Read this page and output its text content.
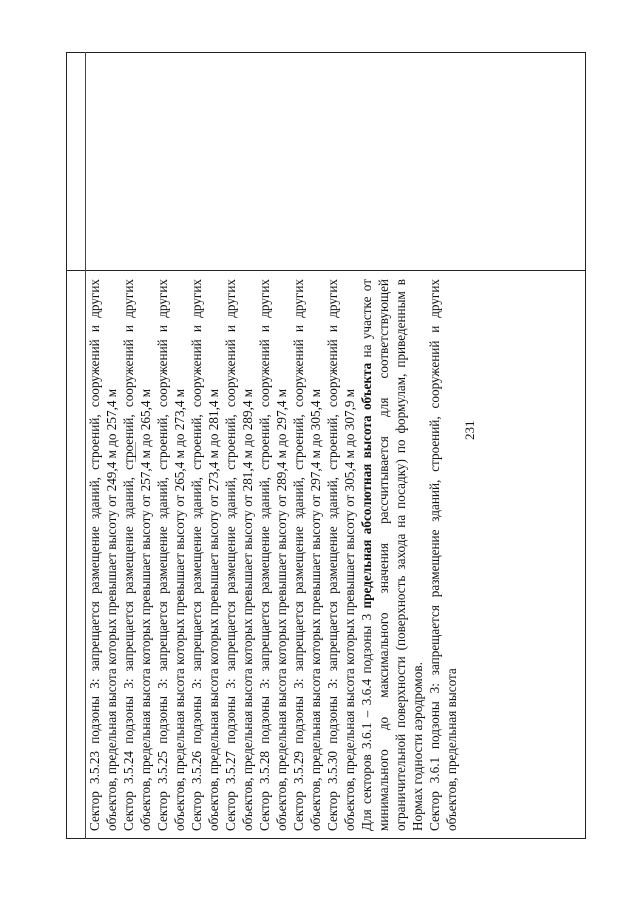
231

Сектор 3.5.23 подзоны 3: запрещается размещение зданий, строений, сооружений и других объектов, предельная высота которых превышает высоту от 249,4 м до 257,4 м Сектор 3.5.24 подзоны 3: запрещается размещение зданий, строений, сооружений и других объектов, предельная высота которых превышает высоту от 257,4 м до 265,4 м Сектор 3.5.25 подзоны 3: запрещается размещение зданий, строений, сооружений и других объектов, предельная высота которых превышает высоту от 265,4 м до 273,4 м Сектор 3.5.26 подзоны 3: запрещается размещение зданий, строений, сооружений и других объектов, предельная высота которых превышает высоту от 273,4 м до 281,4 м Сектор 3.5.27 подзоны 3: запрещается размещение зданий, строений, сооружений и других объектов, предельная высота которых превышает высоту от 281,4 м до 289,4 м Сектор 3.5.28 подзоны 3: запрещается размещение зданий, строений, сооружений и других объектов, предельная высота которых превышает высоту от 289,4 м до 297,4 м Сектор 3.5.29 подзоны 3: запрещается размещение зданий, строений, сооружений и других объектов, предельная высота которых превышает высоту от 297,4 м до 305,4 м Сектор 3.5.30 подзоны 3: запрещается размещение зданий, строений, сооружений и других объектов, предельная высота которых превышает высоту от 305,4 м до 307,9 м Для секторов 3.6.1 – 3.6.4 подзоны 3 предельная абсолютная высота объекта на участке от минимального до максимального значения рассчитывается для соответствующей ограничительной поверхности (поверхность захода на посадку) по формулам, приведенным в Нормах годности аэродромов. Сектор 3.6.1 подзоны 3: запрещается размещение зданий, строений, сооружений и других объектов, предельная высота
